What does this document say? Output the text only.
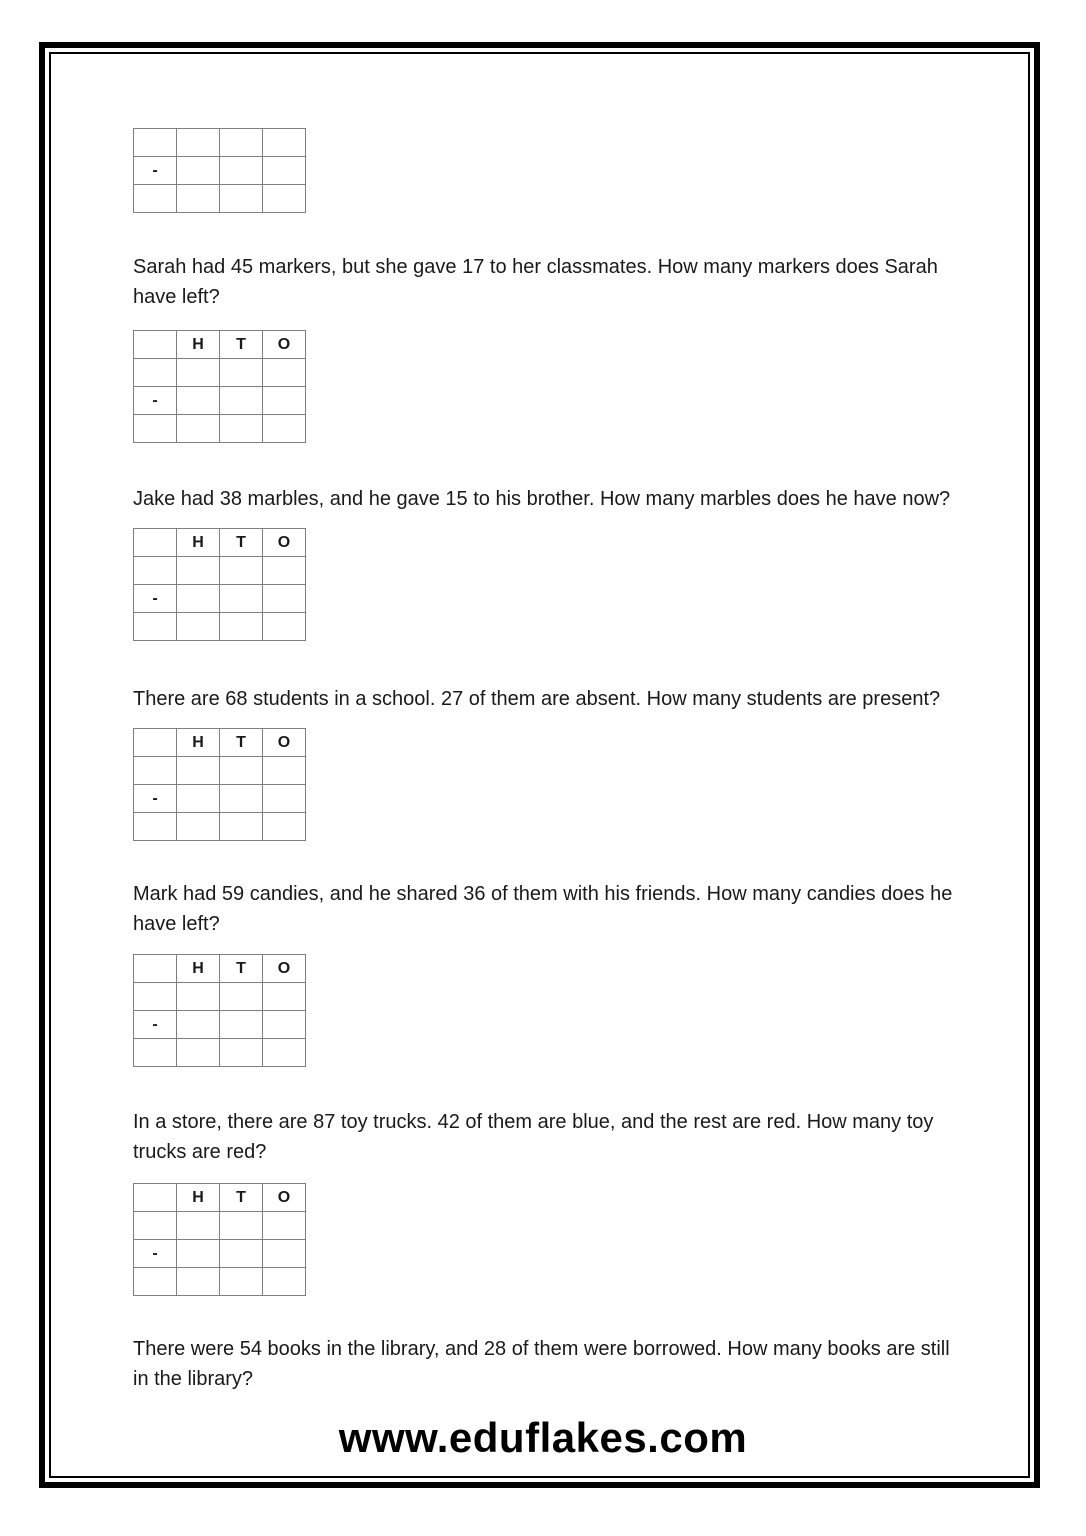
-			

Sarah had 45 markers, but she gave 17 to her classmates. How many markers does Sarah
have left?
	H	T	O

-			

Jake had 38 marbles, and he gave 15 to his brother. How many marbles does he have now?
	H	T	O

-			

There are 68 students in a school. 27 of them are absent. How many students are present?
	H	T	O

-			

Mark had 59 candies, and he shared 36 of them with his friends. How many candies does he
have left?
	H	T	O

-			

In a store, there are 87 toy trucks. 42 of them are blue, and the rest are red. How many toy
trucks are red?
	H	T	O

-			

There were 54 books in the library, and 28 of them were borrowed. How many books are still
in the library?
www.eduflakes.com
